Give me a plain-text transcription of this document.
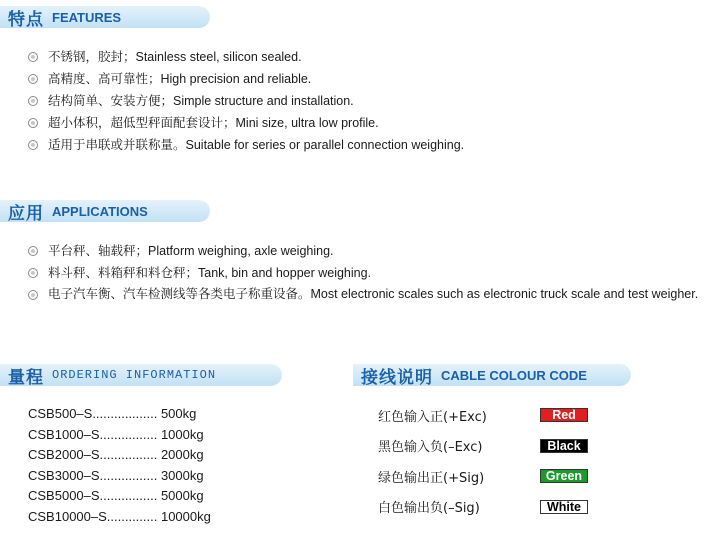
特点 FEATURES
不锈钢，胶封；Stainless steel, silicon sealed.
高精度、高可靠性；High precision and reliable.
结构简单、安装方便；Simple structure and installation.
超小体积，超低型秤面配套设计；Mini size, ultra low profile.
适用于串联或并联称量。Suitable for series or parallel connection weighing.
应用 APPLICATIONS
平台秤、轴载秤；Platform weighing, axle weighing.
料斗秤、料箱秤和料仓秤；Tank, bin and hopper weighing.
电子汽车衡、汽车检测线等各类电子称重设备。Most electronic scales such as electronic truck scale and test weigher.
量程 ORDERING INFORMATION
CSB500–S.................. 500kg
CSB1000–S................ 1000kg
CSB2000–S................ 2000kg
CSB3000–S................ 3000kg
CSB5000–S................ 5000kg
CSB10000–S.............. 10000kg
接线说明 CABLE COLOUR CODE
红色输入正(+Exc)	Red
黑色输入负(–Exc)	Black
绿色输出正(+Sig)	Green
白色输出负(–Sig)	White
